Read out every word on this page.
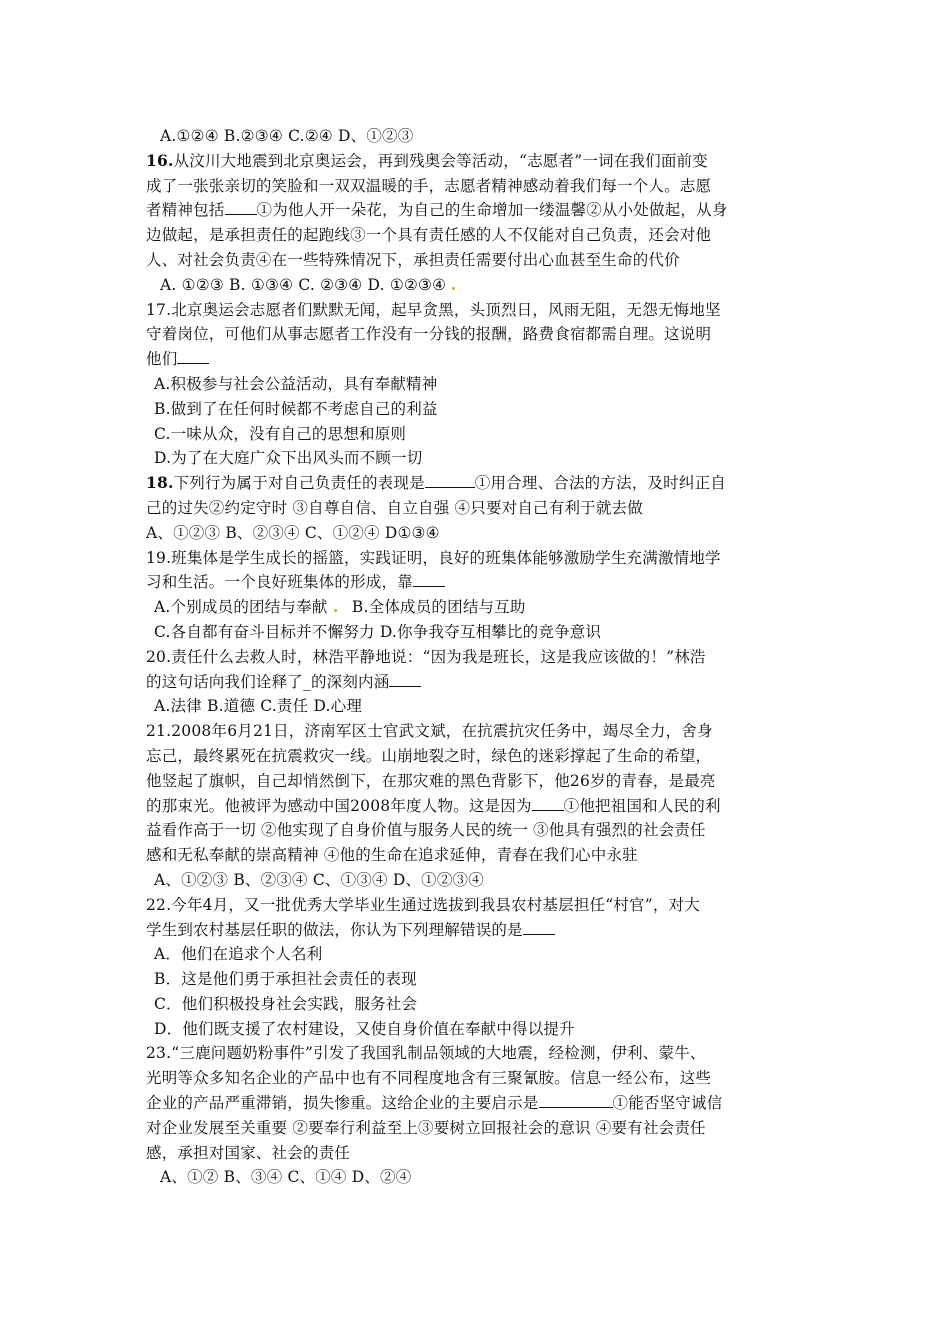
A.①②④ B.②③④ C.②④ D、①②③
16.从汶川大地震到北京奥运会，再到残奥会等活动，“志愿者”一词在我们面前变
成了一张张亲切的笑脸和一双双温暖的手，志愿者精神感动着我们每一个人。志愿
者精神包括 ①为他人开一朵花，为自己的生命增加一缕温馨②从小处做起，从身
边做起，是承担责任的起跑线③一个具有责任感的人不仅能对自己负责，还会对他
人、对社会负责④在一些特殊情况下，承担责任需要付出心血甚至生命的代价
A. ①②③ B. ①③④ C. ②③④ D. ①②③④
17.北京奥运会志愿者们默默无闻，起早贪黑，头顶烈日，风雨无阻，无怨无悔地坚
守着岗位，可他们从事志愿者工作没有一分钱的报酬，路费食宿都需自理。这说明
他们
A.积极参与社会公益活动，具有奉献精神
B.做到了在任何时候都不考虑自己的利益
C.一味从众，没有自己的思想和原则
D.为了在大庭广众下出风头而不顾一切
18.下列行为属于对自己负责任的表现是	①用合理、合法的方法，及时纠正自
己的过失②约定守时 ③自尊自信、自立自强 ④只要对自己有利于就去做
A、①②③ B、②③④ C、①②④ D①③④
19.班集体是学生成长的摇篮，实践证明，良好的班集体能够激励学生充满激情地学
习和生活。一个良好班集体的形成，靠
A.个别成员的团结与奉献   B.全体成员的团结与互助
C.各自都有奋斗目标并不懈努力 D.你争我夺互相攀比的竞争意识
20.责任什么去救人时，林浩平静地说：“因为我是班长，这是我应该做的！”林浩
的这句话向我们诠释了_的深刻内涵
A.法律 B.道德 C.责任 D.心理
21.2008年6月21日，济南军区士官武文斌，在抗震抗灾任务中，竭尽全力，舍身
忘己，最终累死在抗震救灾一线。山崩地裂之时，绿色的迷彩撑起了生命的希望，
他竖起了旗帜，自己却悄然倒下，在那灾难的黑色背影下，他26岁的青春，是最亮
的那束光。他被评为感动中国2008年度人物。这是因为 ①他把祖国和人民的利
益看作高于一切 ②他实现了自身价值与服务人民的统一 ③他具有强烈的社会责任
感和无私奉献的崇高精神 ④他的生命在追求延伸，青春在我们心中永驻
A、①②③ B、②③④ C、①③④ D、①②③④
22.今年4月，又一批优秀大学毕业生通过选拔到我县农村基层担任“村官”，对大
学生到农村基层任职的做法，你认为下列理解错误的是
A．他们在追求个人名利
B．这是他们勇于承担社会责任的表现
C．他们积极投身社会实践，服务社会
D．他们既支援了农村建设，又使自身价值在奉献中得以提升
23.“三鹿问题奶粉事件”引发了我国乳制品领域的大地震，经检测，伊利、蒙牛、
光明等众多知名企业的产品中也有不同程度地含有三聚氰胺。信息一经公布，这些
企业的产品严重滞销，损失惨重。这给企业的主要启示是	①能否坚守诚信
对企业发展至关重要 ②要奉行利益至上③要树立回报社会的意识 ④要有社会责任
感，承担对国家、社会的责任
A、①② B、③④ C、①④ D、②④
